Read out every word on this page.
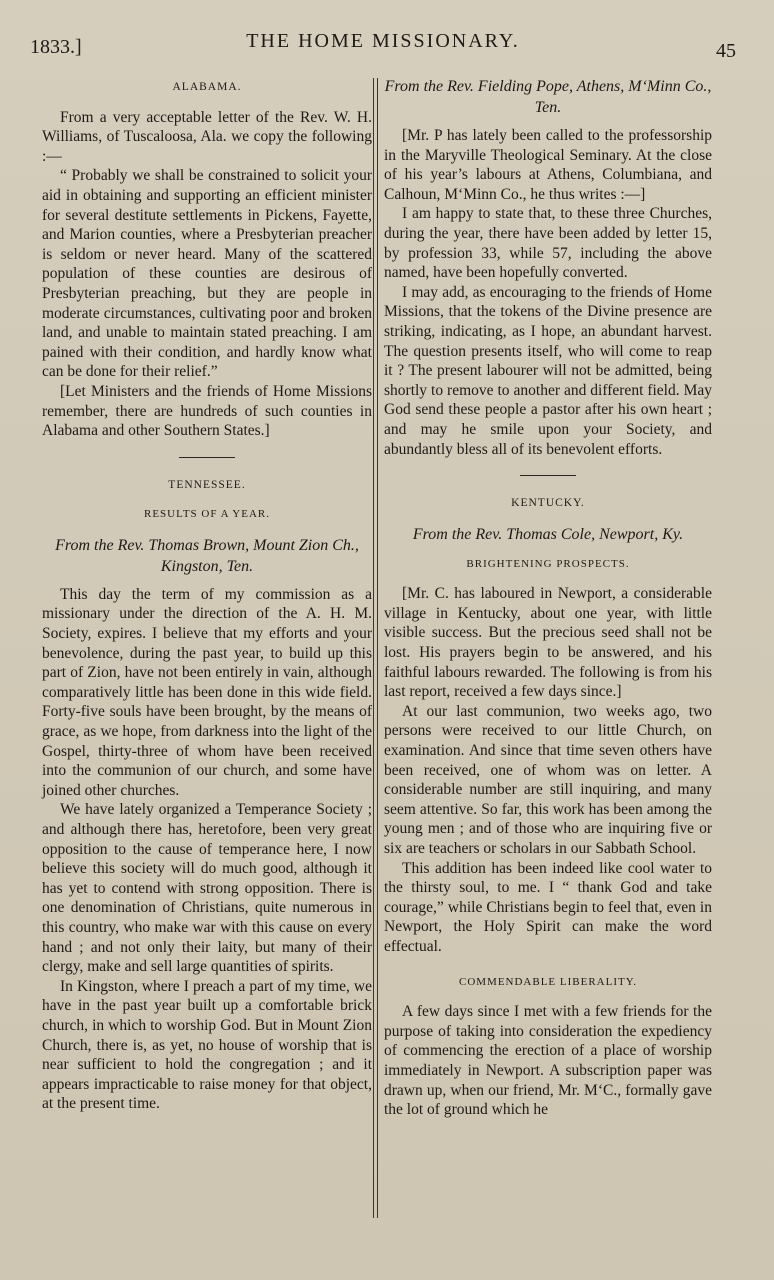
1833.]	THE HOME MISSIONARY.	45
ALABAMA.

From a very acceptable letter of the Rev. W. H. Williams, of Tuscaloosa, Ala. we copy the following :—

“ Probably we shall be constrained to solicit your aid in obtaining and supporting an efficient minister for several destitute settlements in Pickens, Fayette, and Marion counties, where a Presbyterian preacher is seldom or never heard. Many of the scattered population of these counties are desirous of Presbyterian preaching, but they are people in moderate circumstances, cultivating poor and broken land, and unable to maintain stated preaching. I am pained with their condition, and hardly know what can be done for their relief.”

[Let Ministers and the friends of Home Missions remember, there are hundreds of such counties in Alabama and other Southern States.]

TENNESSEE.
RESULTS OF A YEAR.
From the Rev. Thomas Brown, Mount Zion Ch., Kingston, Ten.

This day the term of my commission as a missionary under the direction of the A. H. M. Society, expires. I believe that my efforts and your benevolence, during the past year, to build up this part of Zion, have not been entirely in vain, although comparatively little has been done in this wide field. Forty-five souls have been brought, by the means of grace, as we hope, from darkness into the light of the Gospel, thirty-three of whom have been received into the communion of our church, and some have joined other churches.

We have lately organized a Temperance Society ; and although there has, heretofore, been very great opposition to the cause of temperance here, I now believe this society will do much good, although it has yet to contend with strong opposition. There is one denomination of Christians, quite numerous in this country, who make war with this cause on every hand ; and not only their laity, but many of their clergy, make and sell large quantities of spirits.

In Kingston, where I preach a part of my time, we have in the past year built up a comfortable brick church, in which to worship God. But in Mount Zion Church, there is, as yet, no house of worship that is near sufficient to hold the congregation ; and it appears impracticable to raise money for that object, at the present time.

From the Rev. Fielding Pope, Athens, M‘Minn Co., Ten.

[Mr. P has lately been called to the professorship in the Maryville Theological Seminary. At the close of his year’s labours at Athens, Columbiana, and Calhoun, M‘Minn Co., he thus writes :—]

I am happy to state that, to these three Churches, during the year, there have been added by letter 15, by profession 33, while 57, including the above named, have been hopefully converted.

I may add, as encouraging to the friends of Home Missions, that the tokens of the Divine presence are striking, indicating, as I hope, an abundant harvest. The question presents itself, who will come to reap it ? The present labourer will not be admitted, being shortly to remove to another and different field. May God send these people a pastor after his own heart ; and may he smile upon your Society, and abundantly bless all of its benevolent efforts.

KENTUCKY.
From the Rev. Thomas Cole, Newport, Ky.
BRIGHTENING PROSPECTS.

[Mr. C. has laboured in Newport, a considerable village in Kentucky, about one year, with little visible success. But the precious seed shall not be lost. His prayers begin to be answered, and his faithful labours rewarded. The following is from his last report, received a few days since.]

At our last communion, two weeks ago, two persons were received to our little Church, on examination. And since that time seven others have been received, one of whom was on letter. A considerable number are still inquiring, and many seem attentive. So far, this work has been among the young men ; and of those who are inquiring five or six are teachers or scholars in our Sabbath School.

This addition has been indeed like cool water to the thirsty soul, to me. I “ thank God and take courage,” while Christians begin to feel that, even in Newport, the Holy Spirit can make the word effectual.

COMMENDABLE LIBERALITY.

A few days since I met with a few friends for the purpose of taking into consideration the expediency of commencing the erection of a place of worship immediately in Newport. A subscription paper was drawn up, when our friend, Mr. M‘C., formally gave the lot of ground which he
